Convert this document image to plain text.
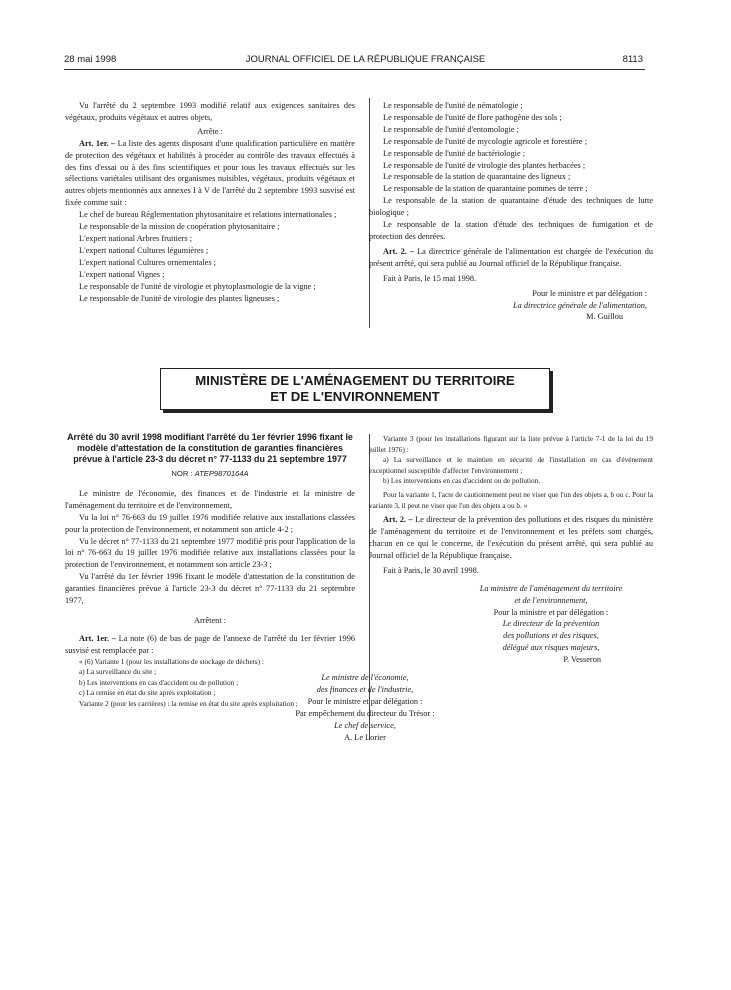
28 mai 1998	JOURNAL OFFICIEL DE LA RÉPUBLIQUE FRANÇAISE	8113

Vu l'arrêté du 2 septembre 1993 modifié relatif aux exigences sanitaires des végétaux, produits végétaux et autres objets,

Arrête :

Art. 1er. – La liste des agents disposant d'une qualification particulière en matière de protection des végétaux et habilités à procéder au contrôle des travaux effectués à des fins d'essai ou à des fins scientifiques et pour tous les travaux effectués sur les sélections variétales utilisant des organismes nuisibles, végétaux, produits végétaux et autres objets mentionnés aux annexes I à V de l'arrêté du 2 septembre 1993 susvisé est fixée comme suit :

Le chef de bureau Réglementation phytosanitaire et relations internationales ;

Le responsable de la mission de coopération phytosanitaire ;

L'expert national Arbres fruitiers ;

L'expert national Cultures légumières ;

L'expert national Cultures ornementales ;

L'expert national Vignes ;

Le responsable de l'unité de virologie et phytoplasmologie de la vigne ;

Le responsable de l'unité de virologie des plantes ligneuses ;

Le responsable de l'unité de nématologie ;

Le responsable de l'unité de flore pathogène des sols ;

Le responsable de l'unité d'entomologie ;

Le responsable de l'unité de mycologie agricole et forestière ;

Le responsable de l'unité de bactériologie ;

Le responsable de l'unité de virologie des plantes herbacées ;

Le responsable de la station de quarantaine des ligneux ;

Le responsable de la station de quarantaine pommes de terre ;

Le responsable de la station de quarantaine d'étude des techniques de lutte biologique ;

Le responsable de la station d'étude des techniques de fumigation et de protection des denrées.

Art. 2. – La directrice générale de l'alimentation est chargée de l'exécution du présent arrêté, qui sera publié au Journal officiel de la République française.

Fait à Paris, le 15 mai 1998.

Pour le ministre et par délégation :

La directrice générale de l'alimentation,

M. Guillou

MINISTÈRE DE L'AMÉNAGEMENT DU TERRITOIRE
ET DE L'ENVIRONNEMENT

Arrêté du 30 avril 1998 modifiant l'arrêté du 1er février 1996 fixant le modèle d'attestation de la constitution de garanties financières prévue à l'article 23-3 du décret n° 77-1133 du 21 septembre 1977

NOR : ATEP9870164A

Le ministre de l'économie, des finances et de l'industrie et la ministre de l'aménagement du territoire et de l'environnement,

Vu la loi n° 76-663 du 19 juillet 1976 modifiée relative aux installations classées pour la protection de l'environnement, et notamment son article 4-2 ;

Vu le décret n° 77-1133 du 21 septembre 1977 modifié pris pour l'application de la loi n° 76-663 du 19 juillet 1976 modifiée relative aux installations classées pour la protection de l'environnement, et notamment son article 23-3 ;

Vu l'arrêté du 1er février 1996 fixant le modèle d'attestation de la constitution de garanties financières prévue à l'article 23-3 du décret n° 77-1133 du 21 septembre 1977,

Arrêtent :

Art. 1er. – La note (6) de bas de page de l'annexe de l'arrêté du 1er février 1996 susvisé est remplacée par :

« (6) Variante 1 (pour les installations de stockage de déchets) :

a) La surveillance du site ;

b) Les interventions en cas d'accident ou de pollution ;

c) La remise en état du site après exploitation ;

Variante 2 (pour les carrières) : la remise en état du site après exploitation ;

Variante 3 (pour les installations figurant sur la liste prévue à l'article 7-1 de la loi du 19 juillet 1976) :

a) La surveillance et le maintien en sécurité de l'installation en cas d'événement exceptionnel susceptible d'affecter l'environnement ;

b) Les interventions en cas d'accident ou de pollution.

Pour la variante 1, l'acte de cautionnement peut ne viser que l'un des objets a, b ou c. Pour la variante 3, il peut ne viser que l'un des objets a ou b. »

Art. 2. – Le directeur de la prévention des pollutions et des risques du ministère de l'aménagement du territoire et de l'environnement et les préfets sont chargés, chacun en ce qui le concerne, de l'exécution du présent arrêté, qui sera publié au Journal officiel de la République française.

Fait à Paris, le 30 avril 1998.

La ministre de l'aménagement du territoire

et de l'environnement,

Pour la ministre et par délégation :

Le directeur de la prévention

des pollutions et des risques,

délégué aux risques majeurs,

P. Vesseron

Le ministre de l'économie,

des finances et de l'industrie,

Pour le ministre et par délégation :

Par empêchement du directeur du Trésor :

Le chef de service,

A. Le Lorier
